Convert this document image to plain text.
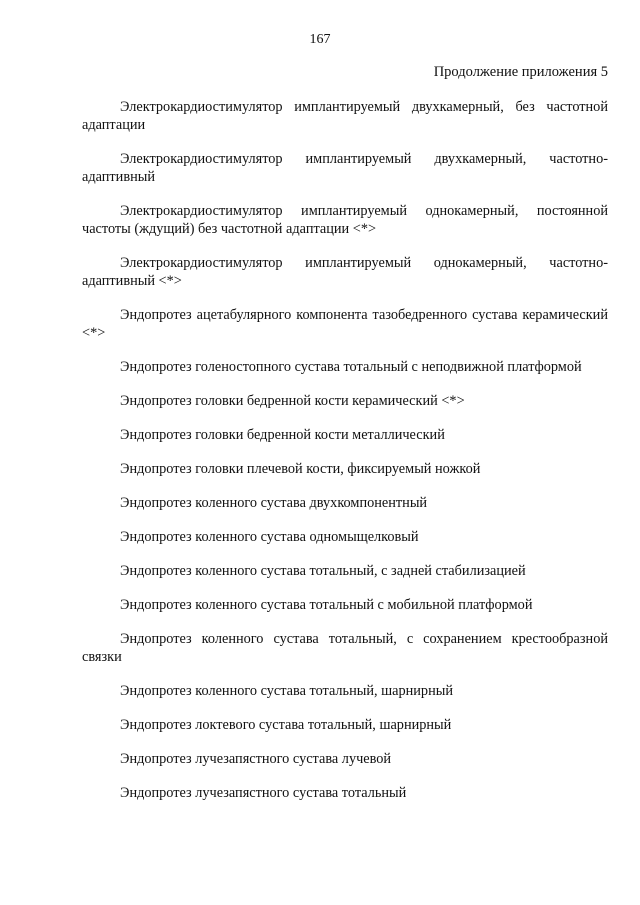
167
Продолжение приложения 5

Электрокардиостимулятор имплантируемый двухкамерный, без частотной адаптации

Электрокардиостимулятор имплантируемый двухкамерный, частотно-адаптивный

Электрокардиостимулятор имплантируемый однокамерный, постоянной частоты (ждущий) без частотной адаптации <*>

Электрокардиостимулятор имплантируемый однокамерный, частотно-адаптивный <*>

Эндопротез ацетабулярного компонента тазобедренного сустава керамический <*>

Эндопротез голеностопного сустава тотальный с неподвижной платформой

Эндопротез головки бедренной кости керамический <*>

Эндопротез головки бедренной кости металлический

Эндопротез головки плечевой кости, фиксируемый ножкой

Эндопротез коленного сустава двухкомпонентный

Эндопротез коленного сустава одномыщелковый

Эндопротез коленного сустава тотальный, с задней стабилизацией

Эндопротез коленного сустава тотальный с мобильной платформой

Эндопротез коленного сустава тотальный, с сохранением крестообразной связки

Эндопротез коленного сустава тотальный, шарнирный

Эндопротез локтевого сустава тотальный, шарнирный

Эндопротез лучезапястного сустава лучевой

Эндопротез лучезапястного сустава тотальный
